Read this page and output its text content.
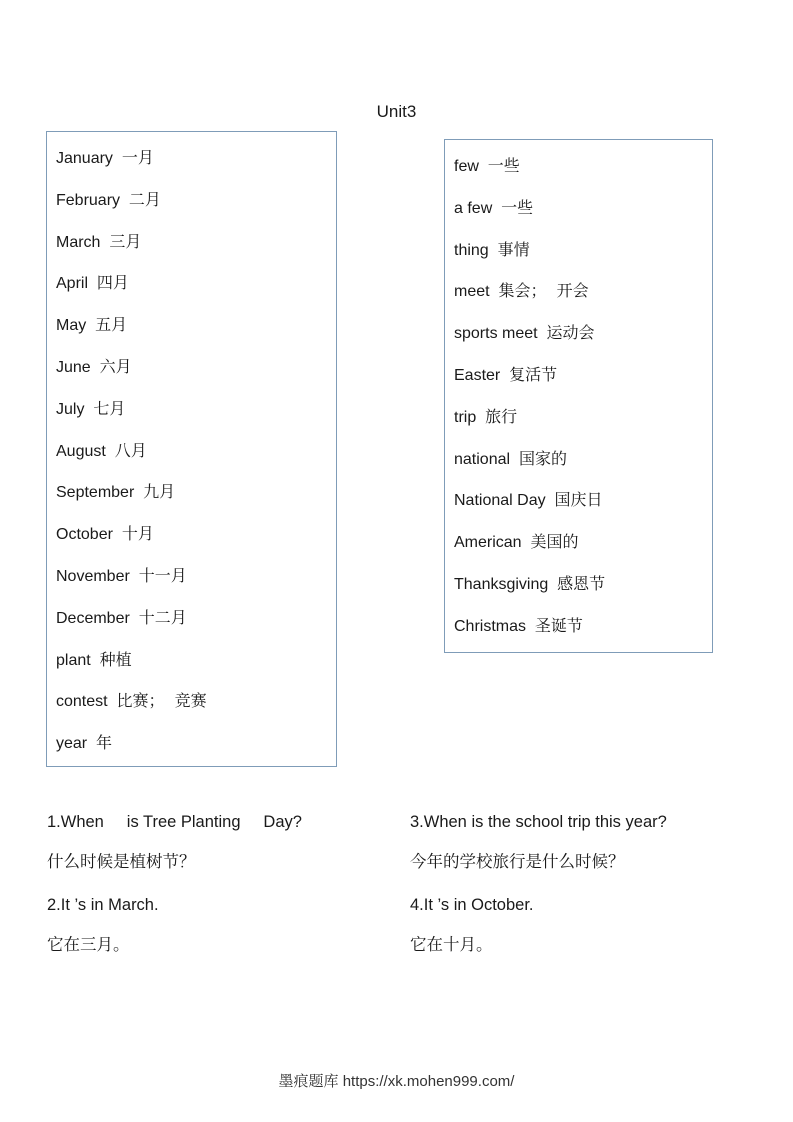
Unit3
January 一月
February 二月
March 三月
April 四月
May 五月
June 六月
July 七月
August 八月
September 九月
October 十月
November 十一月
December 十二月
plant 种植
contest 比赛；  竞赛
year 年
few 一些
a few 一些
thing 事情
meet 集会；  开会
sports meet 运动会
Easter 复活节
trip 旅行
national 国家的
National Day 国庆日
American 美国的
Thanksgiving 感恩节
Christmas 圣诞节
1.When     is Tree Planting     Day?
什么时候是植树节？
2.It ’s in March.
它在三月。
3.When is the school trip this year?
今年的学校旅行是什么时候？
4.It ’s in October.
它在十月。
墨痕题库 https://xk.mohen999.com/
